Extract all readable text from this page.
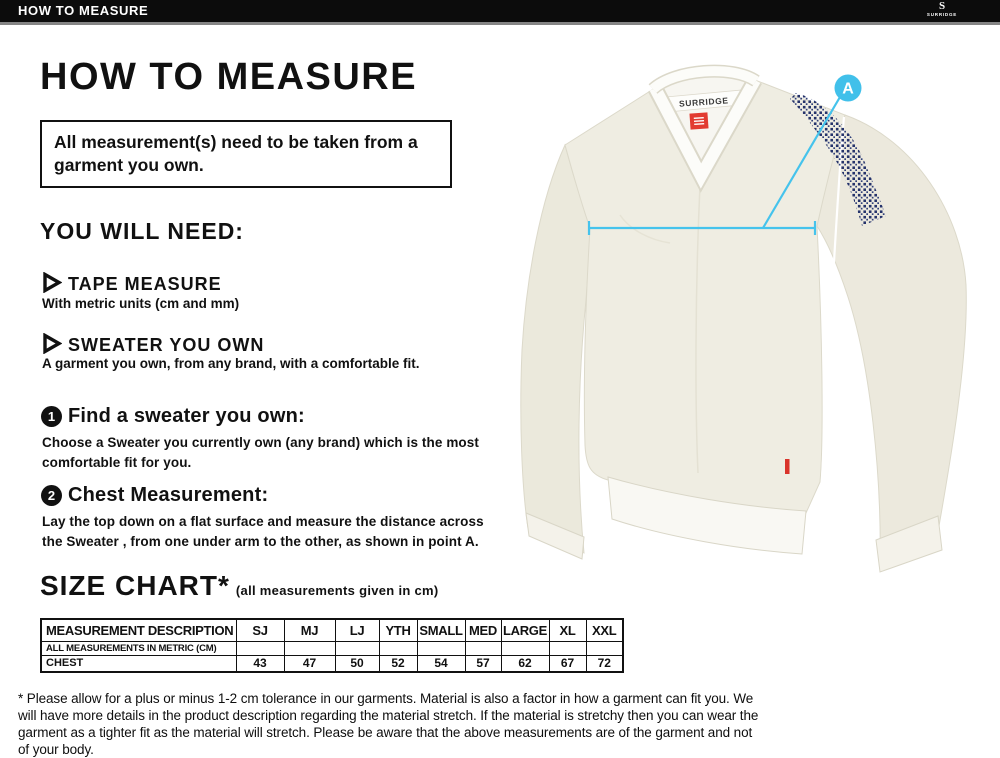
HOW TO MEASURE	S
SURRIDGE
HOW TO MEASURE
All measurement(s) need to be taken from a garment you own.
YOU WILL NEED:
TAPE MEASURE
With metric units (cm and mm)
SWEATER YOU OWN
A garment you own, from any brand, with a comfortable fit.
1 Find a sweater you own:
Choose a Sweater you currently own (any brand) which is the most comfortable fit for you.
2 Chest Measurement:
Lay the top down on a flat surface and measure the distance across the Sweater , from one under arm to the other, as shown in point A.
SIZE CHART* (all measurements given in cm)
MEASUREMENT DESCRIPTION	SJ	MJ	LJ	YTH	SMALL	MED	LARGE	XL	XXL
ALL MEASUREMENTS IN METRIC (CM)									
CHEST	43	47	50	52	54	57	62	67	72
* Please allow for a plus or minus 1-2 cm tolerance in our garments. Material is also a factor in how a garment can fit you. We will have more details in the product description regarding the material stretch. If the material is stretchy then you can wear the garment as a tighter fit as the material will stretch. Please be aware that the above measurements are of the garment and not of your body.
SURRIDGE
A
